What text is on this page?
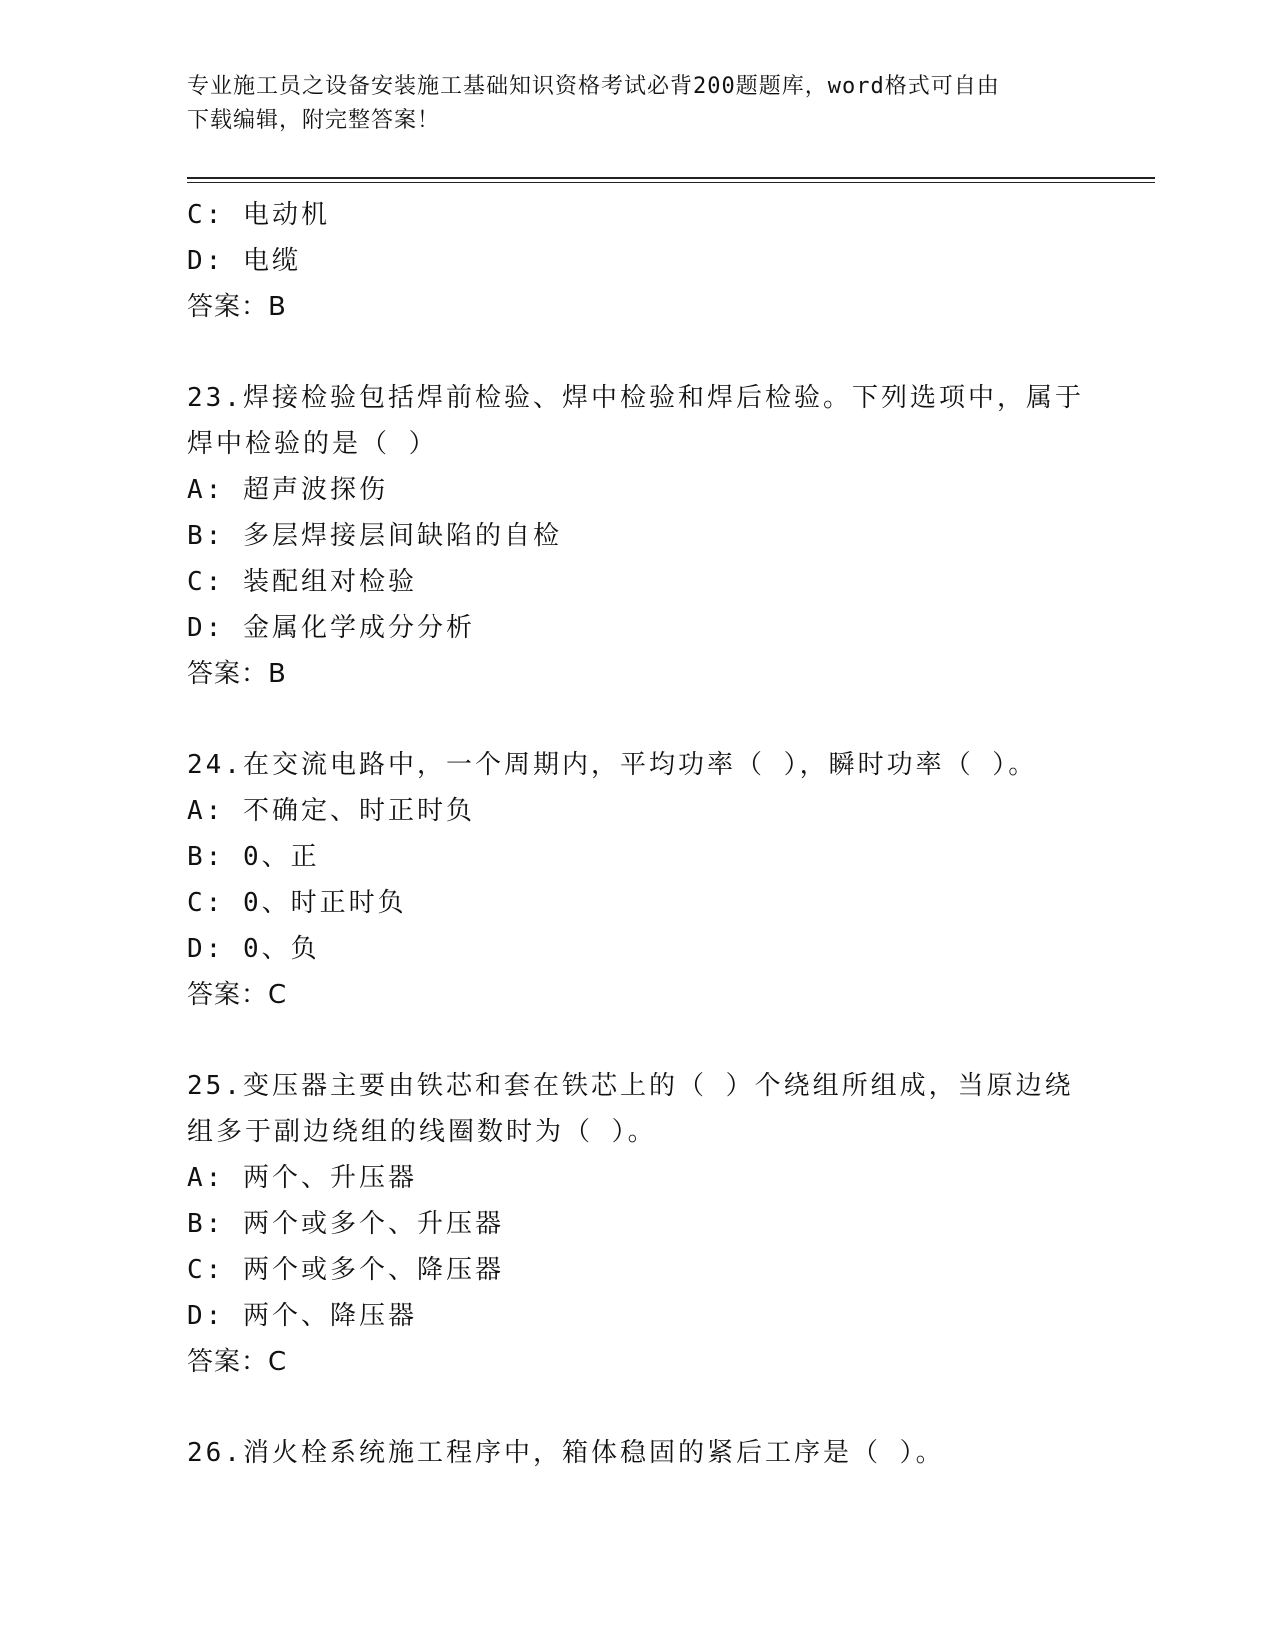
专业施工员之设备安装施工基础知识资格考试必背200题题库，word格式可自由
下载编辑，附完整答案！
C: 电动机
D: 电缆
答案：B
23.焊接检验包括焊前检验、焊中检验和焊后检验。下列选项中，属于
焊中检验的是（ ）
A: 超声波探伤
B: 多层焊接层间缺陷的自检
C: 装配组对检验
D: 金属化学成分分析
答案：B
24.在交流电路中，一个周期内，平均功率（ ），瞬时功率（ ）。
A: 不确定、时正时负
B: 0、正
C: 0、时正时负
D: 0、负
答案：C
25.变压器主要由铁芯和套在铁芯上的（ ）个绕组所组成，当原边绕
组多于副边绕组的线圈数时为（ ）。
A: 两个、升压器
B: 两个或多个、升压器
C: 两个或多个、降压器
D: 两个、降压器
答案：C
26.消火栓系统施工程序中，箱体稳固的紧后工序是（ ）。
